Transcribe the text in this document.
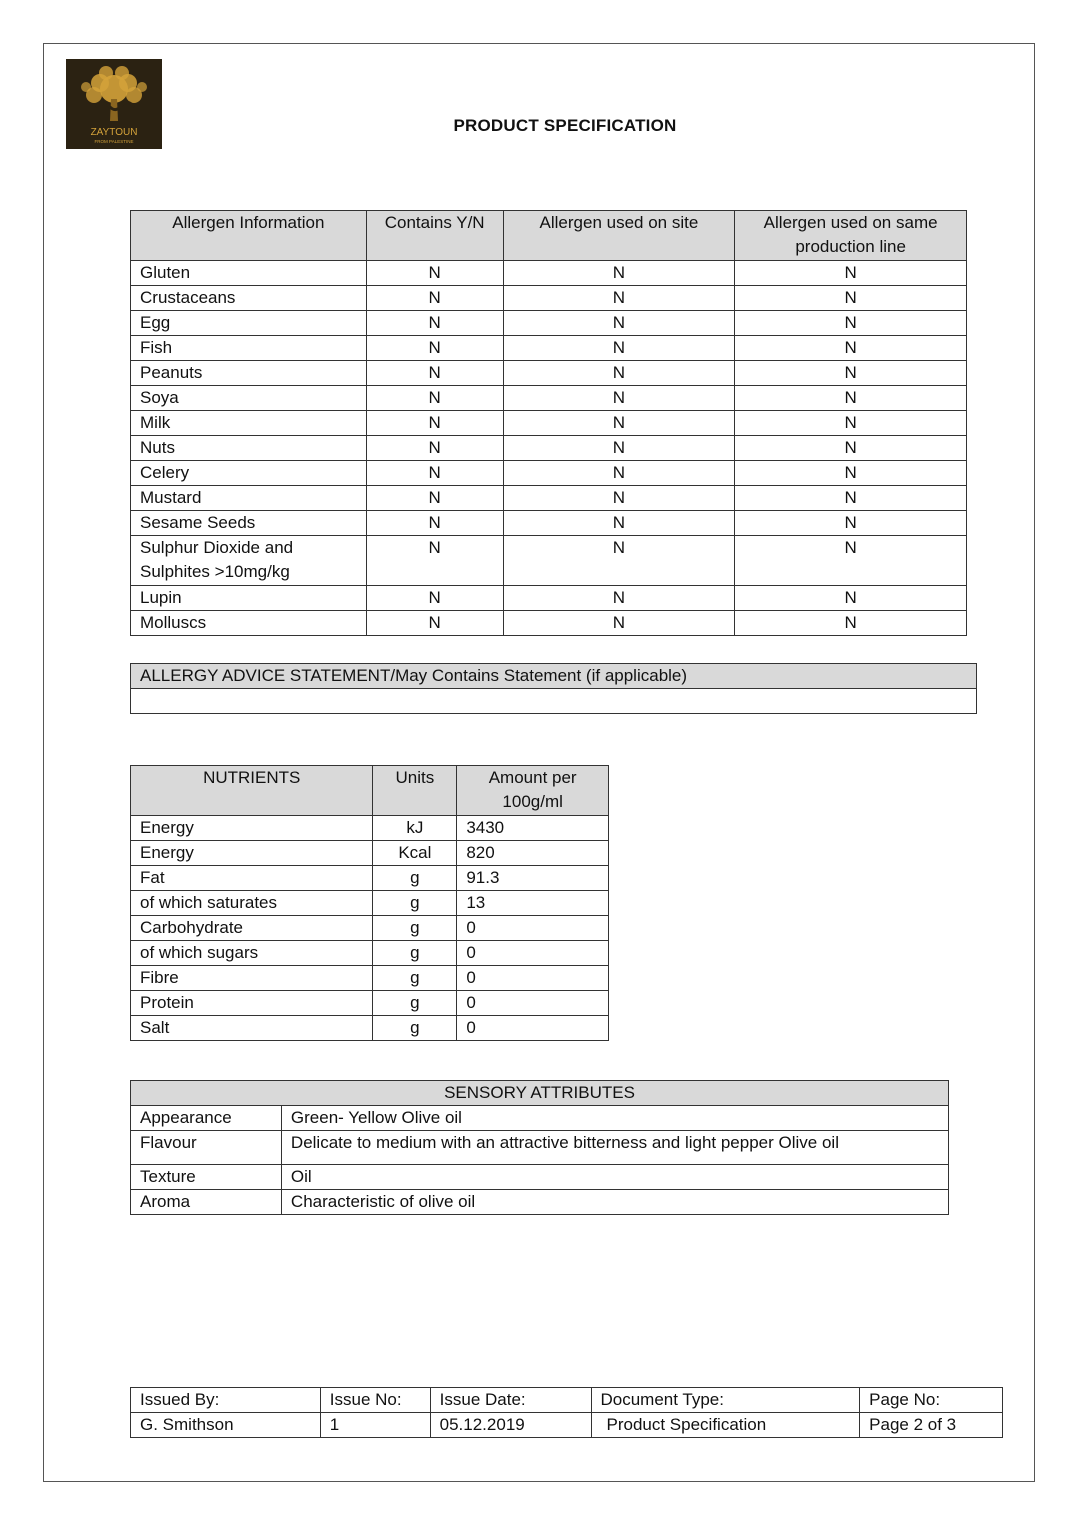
ZAYTOUN
FROM PALESTINE
PRODUCT SPECIFICATION
Allergen Information	Contains Y/N	Allergen used on site	Allergen used on same production line
Gluten	N	N	N
Crustaceans	N	N	N
Egg	N	N	N
Fish	N	N	N
Peanuts	N	N	N
Soya	N	N	N
Milk	N	N	N
Nuts	N	N	N
Celery	N	N	N
Mustard	N	N	N
Sesame Seeds	N	N	N
Sulphur Dioxide and Sulphites >10mg/kg	N	N	N
Lupin	N	N	N
Molluscs	N	N	N
ALLERGY ADVICE STATEMENT/May Contains Statement (if applicable)

NUTRIENTS	Units	Amount per 100g/ml
Energy	kJ	3430
Energy	Kcal	820
Fat	g	91.3
of which saturates	g	13
Carbohydrate	g	0
of which sugars	g	0
Fibre	g	0
Protein	g	0
Salt	g	0
SENSORY ATTRIBUTES	
Appearance	Green- Yellow Olive oil
Flavour	Delicate to medium with an attractive bitterness and light pepper Olive oil
Texture	Oil
Aroma	Characteristic of olive oil
Issued By:	Issue No:	Issue Date:	Document Type:	Page No:
G. Smithson	1	05.12.2019	Product Specification	Page 2 of 3
